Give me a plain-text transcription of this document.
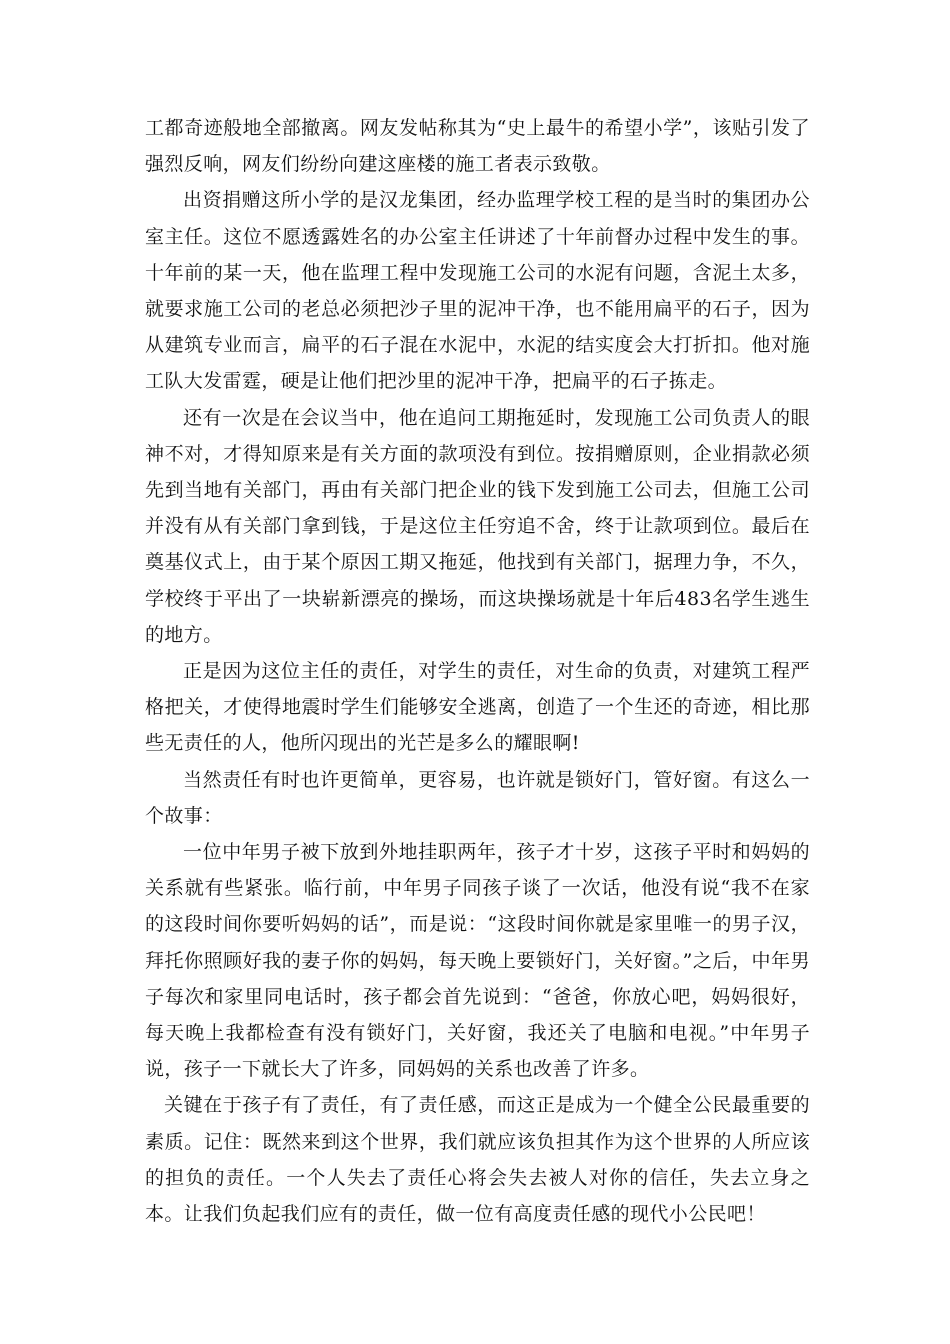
工都奇迹般地全部撤离。网友发帖称其为“史上最牛的希望小学”，该贴引发了强烈反响，网友们纷纷向建这座楼的施工者表示致敬。

出资捐赠这所小学的是汉龙集团，经办监理学校工程的是当时的集团办公室主任。这位不愿透露姓名的办公室主任讲述了十年前督办过程中发生的事。十年前的某一天，他在监理工程中发现施工公司的水泥有问题，含泥土太多，就要求施工公司的老总必须把沙子里的泥冲干净，也不能用扁平的石子，因为从建筑专业而言，扁平的石子混在水泥中，水泥的结实度会大打折扣。他对施工队大发雷霆，硬是让他们把沙里的泥冲干净，把扁平的石子拣走。

还有一次是在会议当中，他在追问工期拖延时，发现施工公司负责人的眼神不对，才得知原来是有关方面的款项没有到位。按捐赠原则，企业捐款必须先到当地有关部门，再由有关部门把企业的钱下发到施工公司去，但施工公司并没有从有关部门拿到钱，于是这位主任穷追不舍，终于让款项到位。最后在奠基仪式上，由于某个原因工期又拖延，他找到有关部门，据理力争，不久，学校终于平出了一块崭新漂亮的操场，而这块操场就是十年后483名学生逃生的地方。

正是因为这位主任的责任，对学生的责任，对生命的负责，对建筑工程严格把关，才使得地震时学生们能够安全逃离，创造了一个生还的奇迹，相比那些无责任的人，他所闪现出的光芒是多么的耀眼啊!

当然责任有时也许更简单，更容易，也许就是锁好门，管好窗。有这么一个故事：

一位中年男子被下放到外地挂职两年，孩子才十岁，这孩子平时和妈妈的关系就有些紧张。临行前，中年男子同孩子谈了一次话，他没有说“我不在家的这段时间你要听妈妈的话”，而是说：“这段时间你就是家里唯一的男子汉，拜托你照顾好我的妻子你的妈妈，每天晚上要锁好门，关好窗。”之后，中年男子每次和家里同电话时，孩子都会首先说到：“爸爸，你放心吧，妈妈很好，每天晚上我都检查有没有锁好门，关好窗，我还关了电脑和电视。”中年男子说，孩子一下就长大了许多，同妈妈的关系也改善了许多。

关键在于孩子有了责任，有了责任感，而这正是成为一个健全公民最重要的素质。记住：既然来到这个世界，我们就应该负担其作为这个世界的人所应该的担负的责任。一个人失去了责任心将会失去被人对你的信任，失去立身之本。让我们负起我们应有的责任，做一位有高度责任感的现代小公民吧！
